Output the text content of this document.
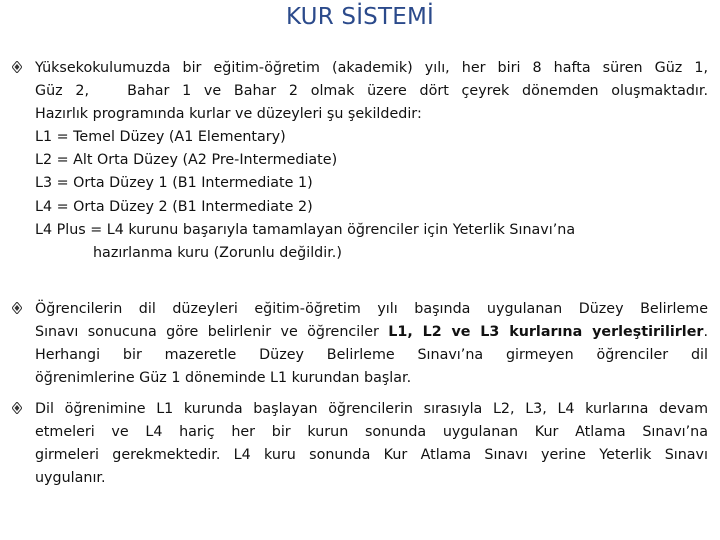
KUR SİSTEMİ
Yüksekokulumuzda bir eğitim-öğretim (akademik) yılı, her biri 8 hafta süren Güz 1,
Güz 2,   Bahar 1 ve Bahar 2 olmak üzere dört çeyrek dönemden oluşmaktadır.
Hazırlık programında kurlar ve düzeyleri şu şekildedir:
L1 = Temel Düzey (A1 Elementary)
L2 = Alt Orta Düzey (A2 Pre-Intermediate)
L3 = Orta Düzey 1 (B1 Intermediate 1)
L4 = Orta Düzey 2 (B1 Intermediate 2)
L4 Plus = L4 kurunu başarıyla tamamlayan öğrenciler için Yeterlik Sınavı’na
hazırlanma kuru (Zorunlu değildir.)
Öğrencilerin dil düzeyleri eğitim-öğretim yılı başında uygulanan Düzey Belirleme
Sınavı sonucuna göre belirlenir ve öğrenciler L1, L2 ve L3 kurlarına yerleştirilirler.
Herhangi bir mazeretle Düzey Belirleme Sınavı’na girmeyen öğrenciler dil
öğrenimlerine Güz 1 döneminde L1 kurundan başlar.
Dil öğrenimine L1 kurunda başlayan öğrencilerin sırasıyla L2, L3, L4 kurlarına devam
etmeleri ve L4 hariç her bir kurun sonunda uygulanan Kur Atlama Sınavı’na
girmeleri gerekmektedir. L4 kuru sonunda Kur Atlama Sınavı yerine Yeterlik Sınavı
uygulanır.
